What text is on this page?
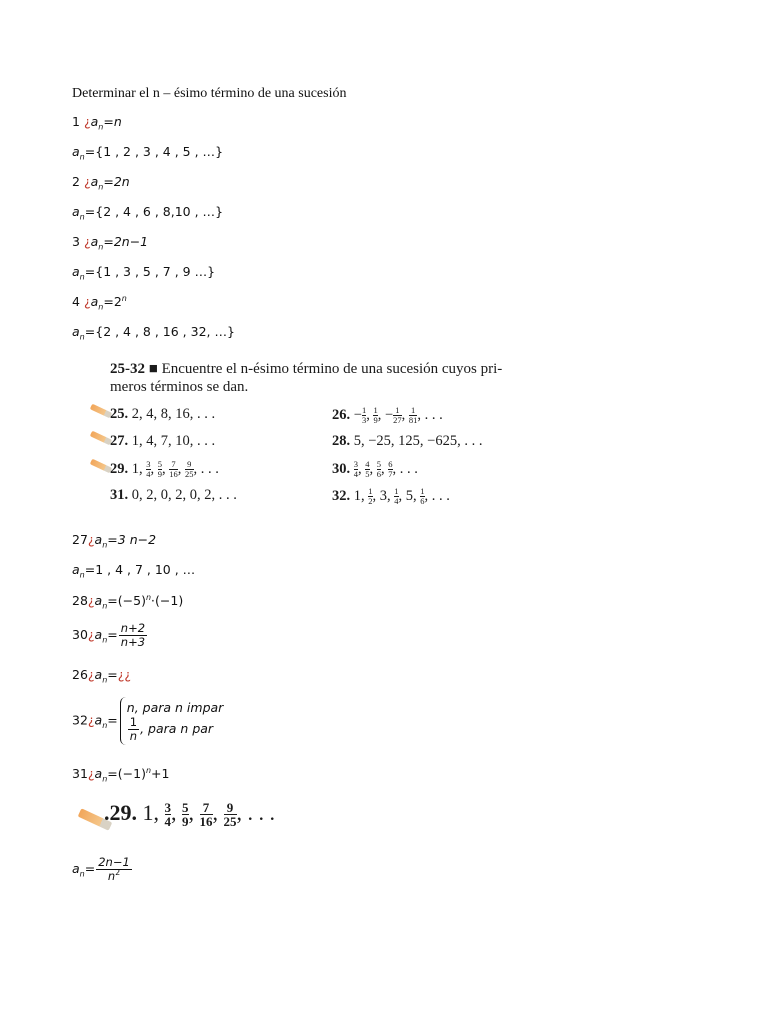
Determinar el n – ésimo término de una sucesión
1 ¿$a_n=n$
$a_n=\{1$ , 2 , 3 , 4 , 5 , …}
2 ¿$a_n=2n$
$a_n=\{2$ , 4 , 6 , 8,10 , …}
3 ¿$a_n=2n-1$
$a_n=\{1$ , 3 , 5 , 7 , 9 …}
4 ¿$a_n=2^n$
$a_n=\{2$ , 4 , 8 , 16 , 32, …}
25-32 ■ Encuentre el n-ésimo término de una sucesión cuyos pri-
meros términos se dan.
25. 2, 4, 8, 16, . . .	26. − $\frac{1}{3}$ , $\frac{1}{9}$ , − $\frac{1}{27}$ , $\frac{1}{81}$ , . . .
27. 1, 4, 7, 10, . . .	28. 5, −25, 125, −625, . . .
29. 1, $\frac{3}{4}$ , $\frac{5}{9}$ , $\frac{7}{16}$ , $\frac{9}{25}$ , . . .	30. $\frac{3}{4}$ , $\frac{4}{5}$ , $\frac{5}{6}$ , $\frac{6}{7}$ , . . .
31. 0, 2, 0, 2, 0, 2, . . .	32. 1, $\frac{1}{2}$ , 3, $\frac{1}{4}$ , 5, $\frac{1}{6}$ , . . .
$27¿a_n=3$ n−2
$a_n=1$ , 4 , 7 , 10 , …
$28¿a_n=(-5)^n\cdot(-1)$
$30¿a_n= \frac{n+2}{n+3}$
$26¿a_n=¿¿$
$32¿a_n=n$, para n impar

$\frac{1}{n}$ , para n par
$31¿a_n=(-1)^n+1$
.29. 1, $\frac{3}{4}$ , $\frac{5}{9}$ , $\frac{7}{16}$ , $\frac{9}{25}$ , . . .
$a_n= \frac{2n-1}{n^2}$
